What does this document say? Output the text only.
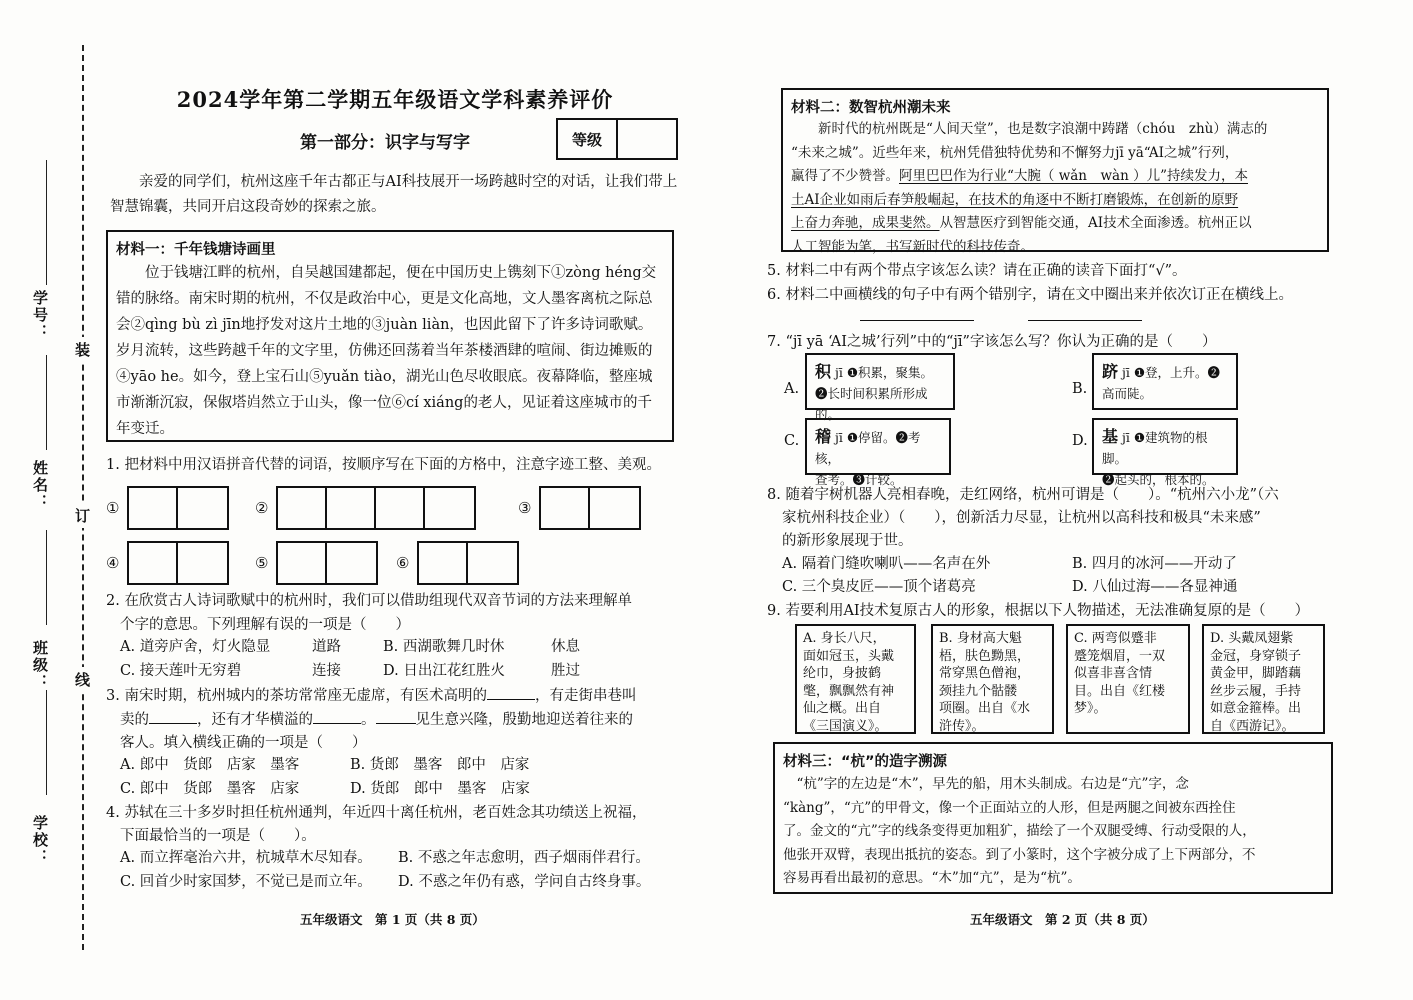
学号：
姓名：
班级：
学校：
装
订
线
2024学年第二学期五年级语文学科素养评价
第一部分：识字与写字	等级
亲爱的同学们，杭州这座千年古都正与AI科技展开一场跨越时空的对话，让我们带上智慧锦囊，共同开启这段奇妙的探索之旅。
材料一：千年钱塘诗画里
位于钱塘江畔的杭州，自吴越国建都起，便在中国历史上镌刻下①zòng héng交错的脉络。南宋时期的杭州，不仅是政治中心，更是文化高地，文人墨客离杭之际总会②qìng bù zì jīn地抒发对这片土地的③juàn liàn，也因此留下了许多诗词歌赋。岁月流转，这些跨越千年的文字里，仿佛还回荡着当年茶楼酒肆的喧闹、街边摊贩的④yāo he。如今，登上宝石山⑤yuǎn tiào，湖光山色尽收眼底。夜幕降临，整座城市渐渐沉寂，保俶塔岿然立于山头，像一位⑥cí xiáng的老人，见证着这座城市的千年变迁。
1. 把材料中用汉语拼音代替的词语，按顺序写在下面的方格中，注意字迹工整、美观。
①	②	③
④	⑤	⑥
2. 在欣赏古人诗词歌赋中的杭州时，我们可以借助组现代双音节词的方法来理解单
个字的意思。下列理解有误的一项是（　　）
A. 道旁庐舍，灯火隐显	道路	B. 西湖歌舞几时休	休息
C. 接天莲叶无穷碧	连接	D. 日出江花红胜火	胜过
3. 南宋时期，杭州城内的茶坊常常座无虚席，有医术高明的	，有走街串巷叫
卖的	，还有才华横溢的	。	见生意兴隆，殷勤地迎送着往来的
客人。填入横线正确的一项是（　　）
A. 郎中　货郎　店家　墨客	B. 货郎　墨客　郎中　店家
C. 郎中　货郎　墨客　店家	D. 货郎　郎中　墨客　店家
4. 苏轼在三十多岁时担任杭州通判，年近四十离任杭州，老百姓念其功绩送上祝福，
下面最恰当的一项是（　　）。
A. 而立挥毫治六井，杭城草木尽知春。 B. 不惑之年志愈明，西子烟雨伴君行。
C. 回首少时家国梦，不觉已是而立年。 D. 不惑之年仍有惑，学问自古终身事。
五年级语文　第 1 页（共 8 页）
材料二：数智杭州潮未来
新时代的杭州既是“人间天堂”，也是数字浪潮中踌躇（chóu　zhù）满志的
“未来之城”。近些年来，杭州凭借独特优势和不懈努力jī yā“AI之城”行列，
赢得了不少赞誉。阿里巴巴作为行业“大腕（ wǎn　wàn ）儿”持续发力，本
土AI企业如雨后春笋般崛起，在技术的角逐中不断打磨锻炼，在创新的原野
上奋力奔驰，成果斐然。从智慧医疗到智能交通，AI技术全面渗透。杭州正以
人工智能为笔，书写新时代的科技传奇。
5. 材料二中有两个带点字该怎么读？请在正确的读音下面打“√”。
6. 材料二中画横线的句子中有两个错别字，请在文中圈出来并依次订正在横线上。
7. “jī yā ‘AI之城’行列”中的“jī”字该怎么写？你认为正确的是（　　）
A.
积 jī ❶积累，聚集。
❷长时间积累所形成的。
B.
跻 jī ❶登，上升。❷
高而陡。
C. 稽 jī ❶停留。❷考核，
查考。❸计较。
D. 基 jī ❶建筑物的根脚。
❷起头的，根本的。
8. 随着宇树机器人亮相春晚，走红网络，杭州可谓是（　　）。“杭州六小龙”（六
家杭州科技企业）（　　），创新活力尽显，让杭州以高科技和极具“未来感”
的新形象展现于世。
A. 隔着门缝吹喇叭——名声在外	B. 四月的冰河——开动了
C. 三个臭皮匠——顶个诸葛亮	D. 八仙过海——各显神通
9. 若要利用AI技术复原古人的形象，根据以下人物描述，无法准确复原的是（　　）
A. 身长八尺，
面如冠玉，头戴
纶巾，身披鹤
氅，飘飘然有神
仙之概。出自
《三国演义》。
B. 身材高大魁
梧，肤色黝黑，
常穿黑色僧袍，
颈挂九个骷髅
项圈。出自《水
浒传》。
C. 两弯似蹙非
蹙笼烟眉，一双
似喜非喜含情
目。出自《红楼
梦》。
D. 头戴凤翅紫
金冠，身穿锁子
黄金甲，脚踏藕
丝步云履，手持
如意金箍棒。出
自《西游记》。
材料三：“杭”的造字溯源
“杭”字的左边是“木”，早先的船，用木头制成。右边是“亢”字，念
“kàng”，“亢”的甲骨文，像一个正面站立的人形，但是两腿之间被东西拴住
了。金文的“亢”字的线条变得更加粗犷，描绘了一个双腿受缚、行动受限的人，
他张开双臂，表现出抵抗的姿态。到了小篆时，这个字被分成了上下两部分，不
容易再看出最初的意思。“木”加“亢”，是为“杭”。
五年级语文　第 2 页（共 8 页）
